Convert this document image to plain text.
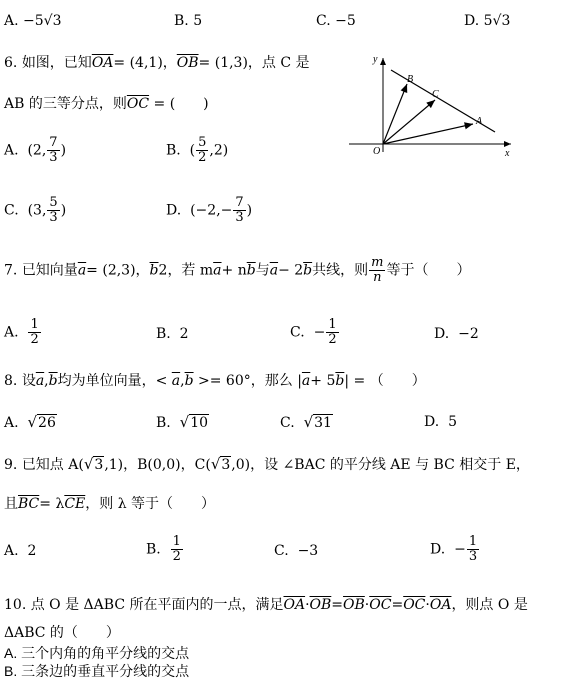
A. −5√3	B. 5	C. −5	D. 5√3
6. 如图，已知$\overline{OA}= (4,1)$，$\overline{OB}= (1,3)$，点 C 是
AB 的三等分点，则$\overline{OC}$ = (　　)
y
x
O
A
B
C
A. (2, $\frac{7}{3}$ )	B. ( $\frac{5}{2} ,2$)
C. (3, $\frac{5}{3}$ )	D. ($-2,- \frac{7}{3}$ )
7. 已知向量$\overline{a}= (2,3)$，$\overline{b}2$，若 $m\overline{a}+ n\overline{b}$与$\overline{a}- 2\overline{b}$共线，则 $\frac{m}{n}$ 等于（　　）
A. $\frac{1}{2}$	B. 2	C. − $\frac{1}{2}$	D. −2
8. 设$\overline{a},\overline{b}$均为单位向量，< $\overline{a},\overline{b} >= 60^\circ$，那么 $|\overline{a}+ 5\overline{b}|$ = （　　）
A. √26	B. √10	C. √31	D. 5
9. 已知点 A(√3,1)，B(0,0)，C(√3,0)，设 ∠BAC 的平分线 AE 与 BC 相交于 E，
且$\overline{BC}= \lambda\overline{CE}$，则 λ 等于（　　）
A. 2	B. $\frac{1}{2}$	C. −3	D. − $\frac{1}{3}$
10. 点 O 是 ΔABC 所在平面内的一点，满足$\overline{OA}\cdot\overline{OB}=\overline{OB}\cdot\overline{OC}=\overline{OC}\cdot\overline{OA}$，则点 O 是
ΔABC 的（　　）
A. 三个内角的角平分线的交点
B. 三条边的垂直平分线的交点
